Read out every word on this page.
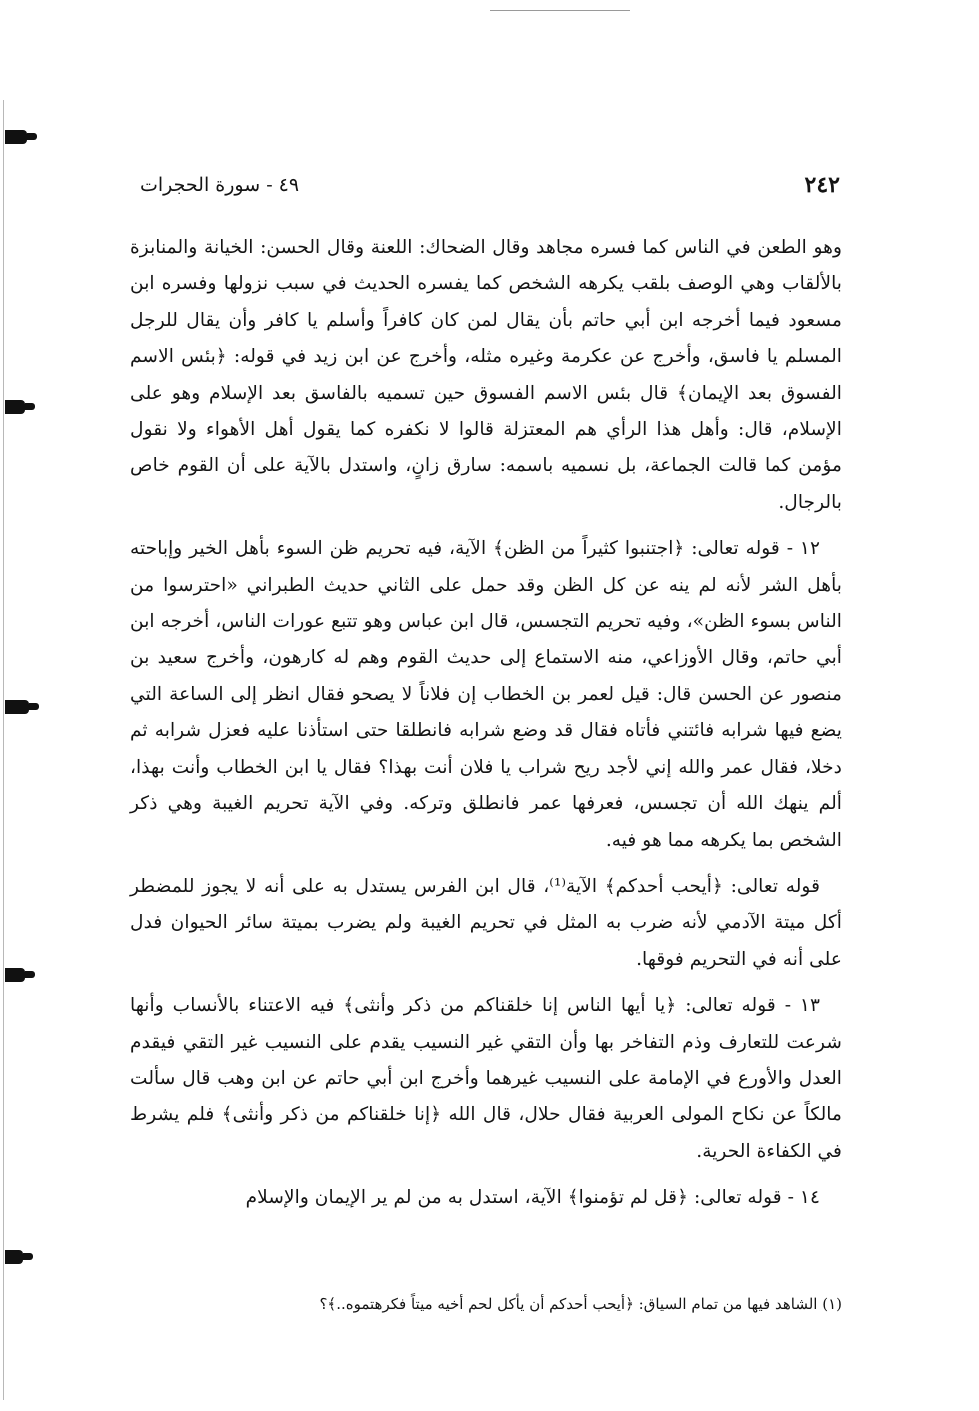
٢٤٢
٤٩ - سورة الحجرات

وهو الطعن في الناس كما فسره مجاهد وقال الضحاك: اللعنة وقال الحسن: الخيانة والمنابزة بالألقاب وهي الوصف بلقب يكرهه الشخص كما يفسره الحديث في سبب نزولها وفسره ابن مسعود فيما أخرجه ابن أبي حاتم بأن يقال لمن كان كافراً وأسلم يا كافر وأن يقال للرجل المسلم يا فاسق، وأخرج عن عكرمة وغيره مثله، وأخرج عن ابن زيد في قوله: ﴿بئس الاسم الفسوق بعد الإيمان﴾ قال بئس الاسم الفسوق حين تسميه بالفاسق بعد الإسلام وهو على الإسلام، قال: وأهل هذا الرأي هم المعتزلة قالوا لا نكفره كما يقول أهل الأهواء ولا نقول مؤمن كما قالت الجماعة، بل نسميه باسمه: سارق زانٍ، واستدل بالآية على أن القوم خاص بالرجال.

١٢ - قوله تعالى: ﴿اجتنبوا كثيراً من الظن﴾ الآية، فيه تحريم ظن السوء بأهل الخير وإباحته بأهل الشر لأنه لم ينه عن كل الظن وقد حمل على الثاني حديث الطبراني «احترسوا من الناس بسوء الظن»، وفيه تحريم التجسس، قال ابن عباس وهو تتبع عورات الناس، أخرجه ابن أبي حاتم، وقال الأوزاعي، منه الاستماع إلى حديث القوم وهم له كارهون، وأخرج سعيد بن منصور عن الحسن قال: قيل لعمر بن الخطاب إن فلاناً لا يصحو فقال انظر إلى الساعة التي يضع فيها شرابه فائتني فأتاه فقال قد وضع شرابه فانطلقا حتى استأذنا عليه فعزل شرابه ثم دخلا، فقال عمر والله إني لأجد ريح شراب يا فلان أنت بهذا؟ فقال يا ابن الخطاب وأنت بهذا، ألم ينهك الله أن تجسس، فعرفها عمر فانطلق وتركه. وفي الآية تحريم الغيبة وهي ذكر الشخص بما يكرهه مما هو فيه.

قوله تعالى: ﴿أيحب أحدكم﴾ الآية⁽¹⁾، قال ابن الفرس يستدل به على أنه لا يجوز للمضطر أكل ميتة الآدمي لأنه ضرب به المثل في تحريم الغيبة ولم يضرب بميتة سائر الحيوان فدل على أنه في التحريم فوقها.

١٣ - قوله تعالى: ﴿يا أيها الناس إنا خلقناكم من ذكر وأنثى﴾ فيه الاعتناء بالأنساب وأنها شرعت للتعارف وذم التفاخر بها وأن التقي غير النسيب يقدم على النسيب غير التقي فيقدم العدل والأورع في الإمامة على النسيب غيرهما وأخرج ابن أبي حاتم عن ابن وهب قال سألت مالكاً عن نكاح المولى العربية فقال حلال، قال الله ﴿إنا خلقناكم من ذكر وأنثى﴾ فلم يشرط في الكفاءة الحرية.

١٤ - قوله تعالى: ﴿قل لم تؤمنوا﴾ الآية، استدل به من لم ير الإيمان والإسلام

(١) الشاهد فيها من تمام السياق: ﴿أيحب أحدكم أن يأكل لحم أخيه ميتاً فكرهتموه..﴾؟
